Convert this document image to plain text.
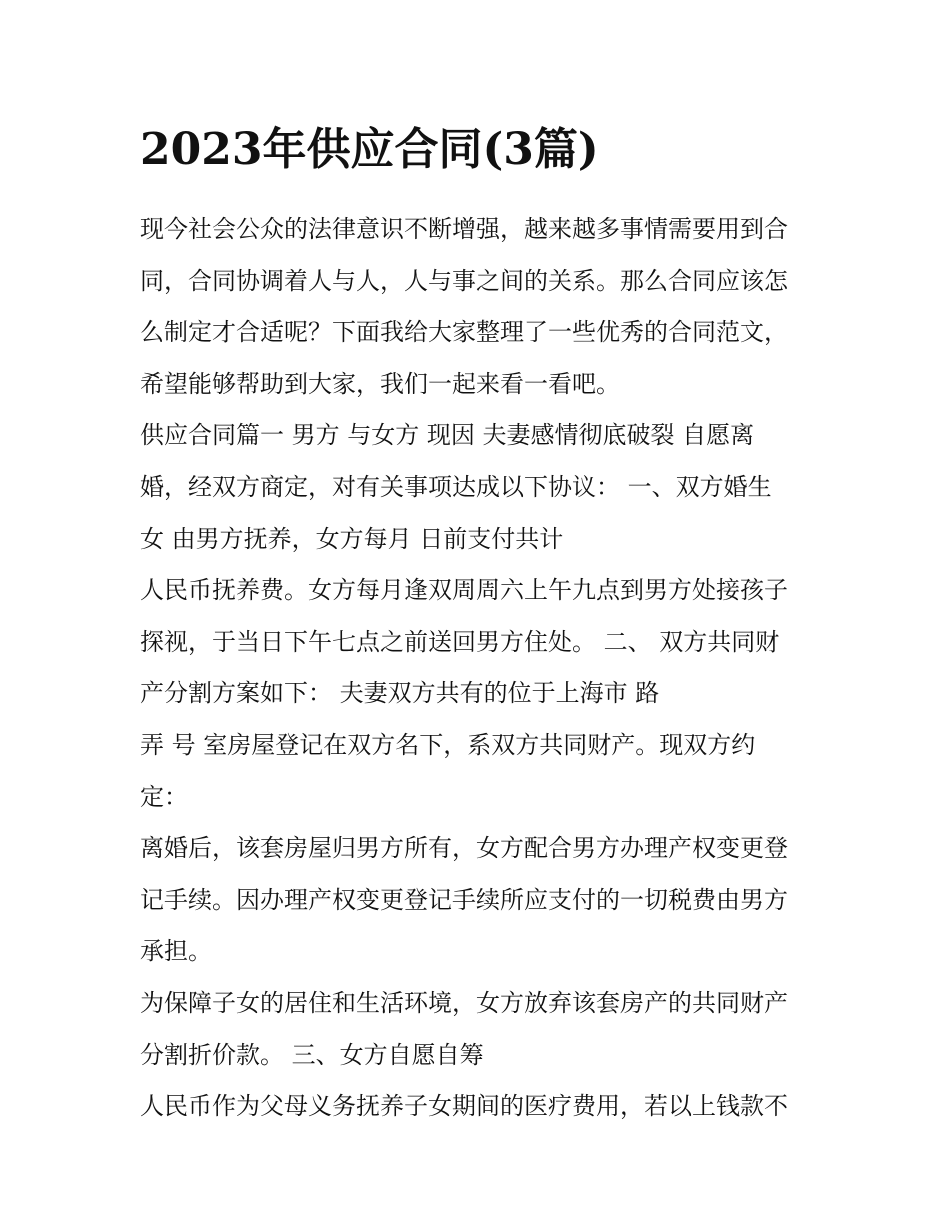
2023年供应合同(3篇)
现今社会公众的法律意识不断增强，越来越多事情需要用到合
同，合同协调着人与人，人与事之间的关系。那么合同应该怎
么制定才合适呢？下面我给大家整理了一些优秀的合同范文，
希望能够帮助到大家，我们一起来看一看吧。
供应合同篇一 男方 与女方 现因 夫妻感情彻底破裂 自愿离
婚，经双方商定，对有关事项达成以下协议： 一、双方婚生
女 由男方抚养，女方每月 日前支付共计
人民币抚养费。女方每月逢双周周六上午九点到男方处接孩子
探视，于当日下午七点之前送回男方住处。 二、 双方共同财
产分割方案如下： 夫妻双方共有的位于上海市 路
弄 号 室房屋登记在双方名下，系双方共同财产。现双方约
定：
离婚后，该套房屋归男方所有，女方配合男方办理产权变更登
记手续。因办理产权变更登记手续所应支付的一切税费由男方
承担。
为保障子女的居住和生活环境，女方放弃该套房产的共同财产
分割折价款。 三、女方自愿自筹
人民币作为父母义务抚养子女期间的医疗费用，若以上钱款不
